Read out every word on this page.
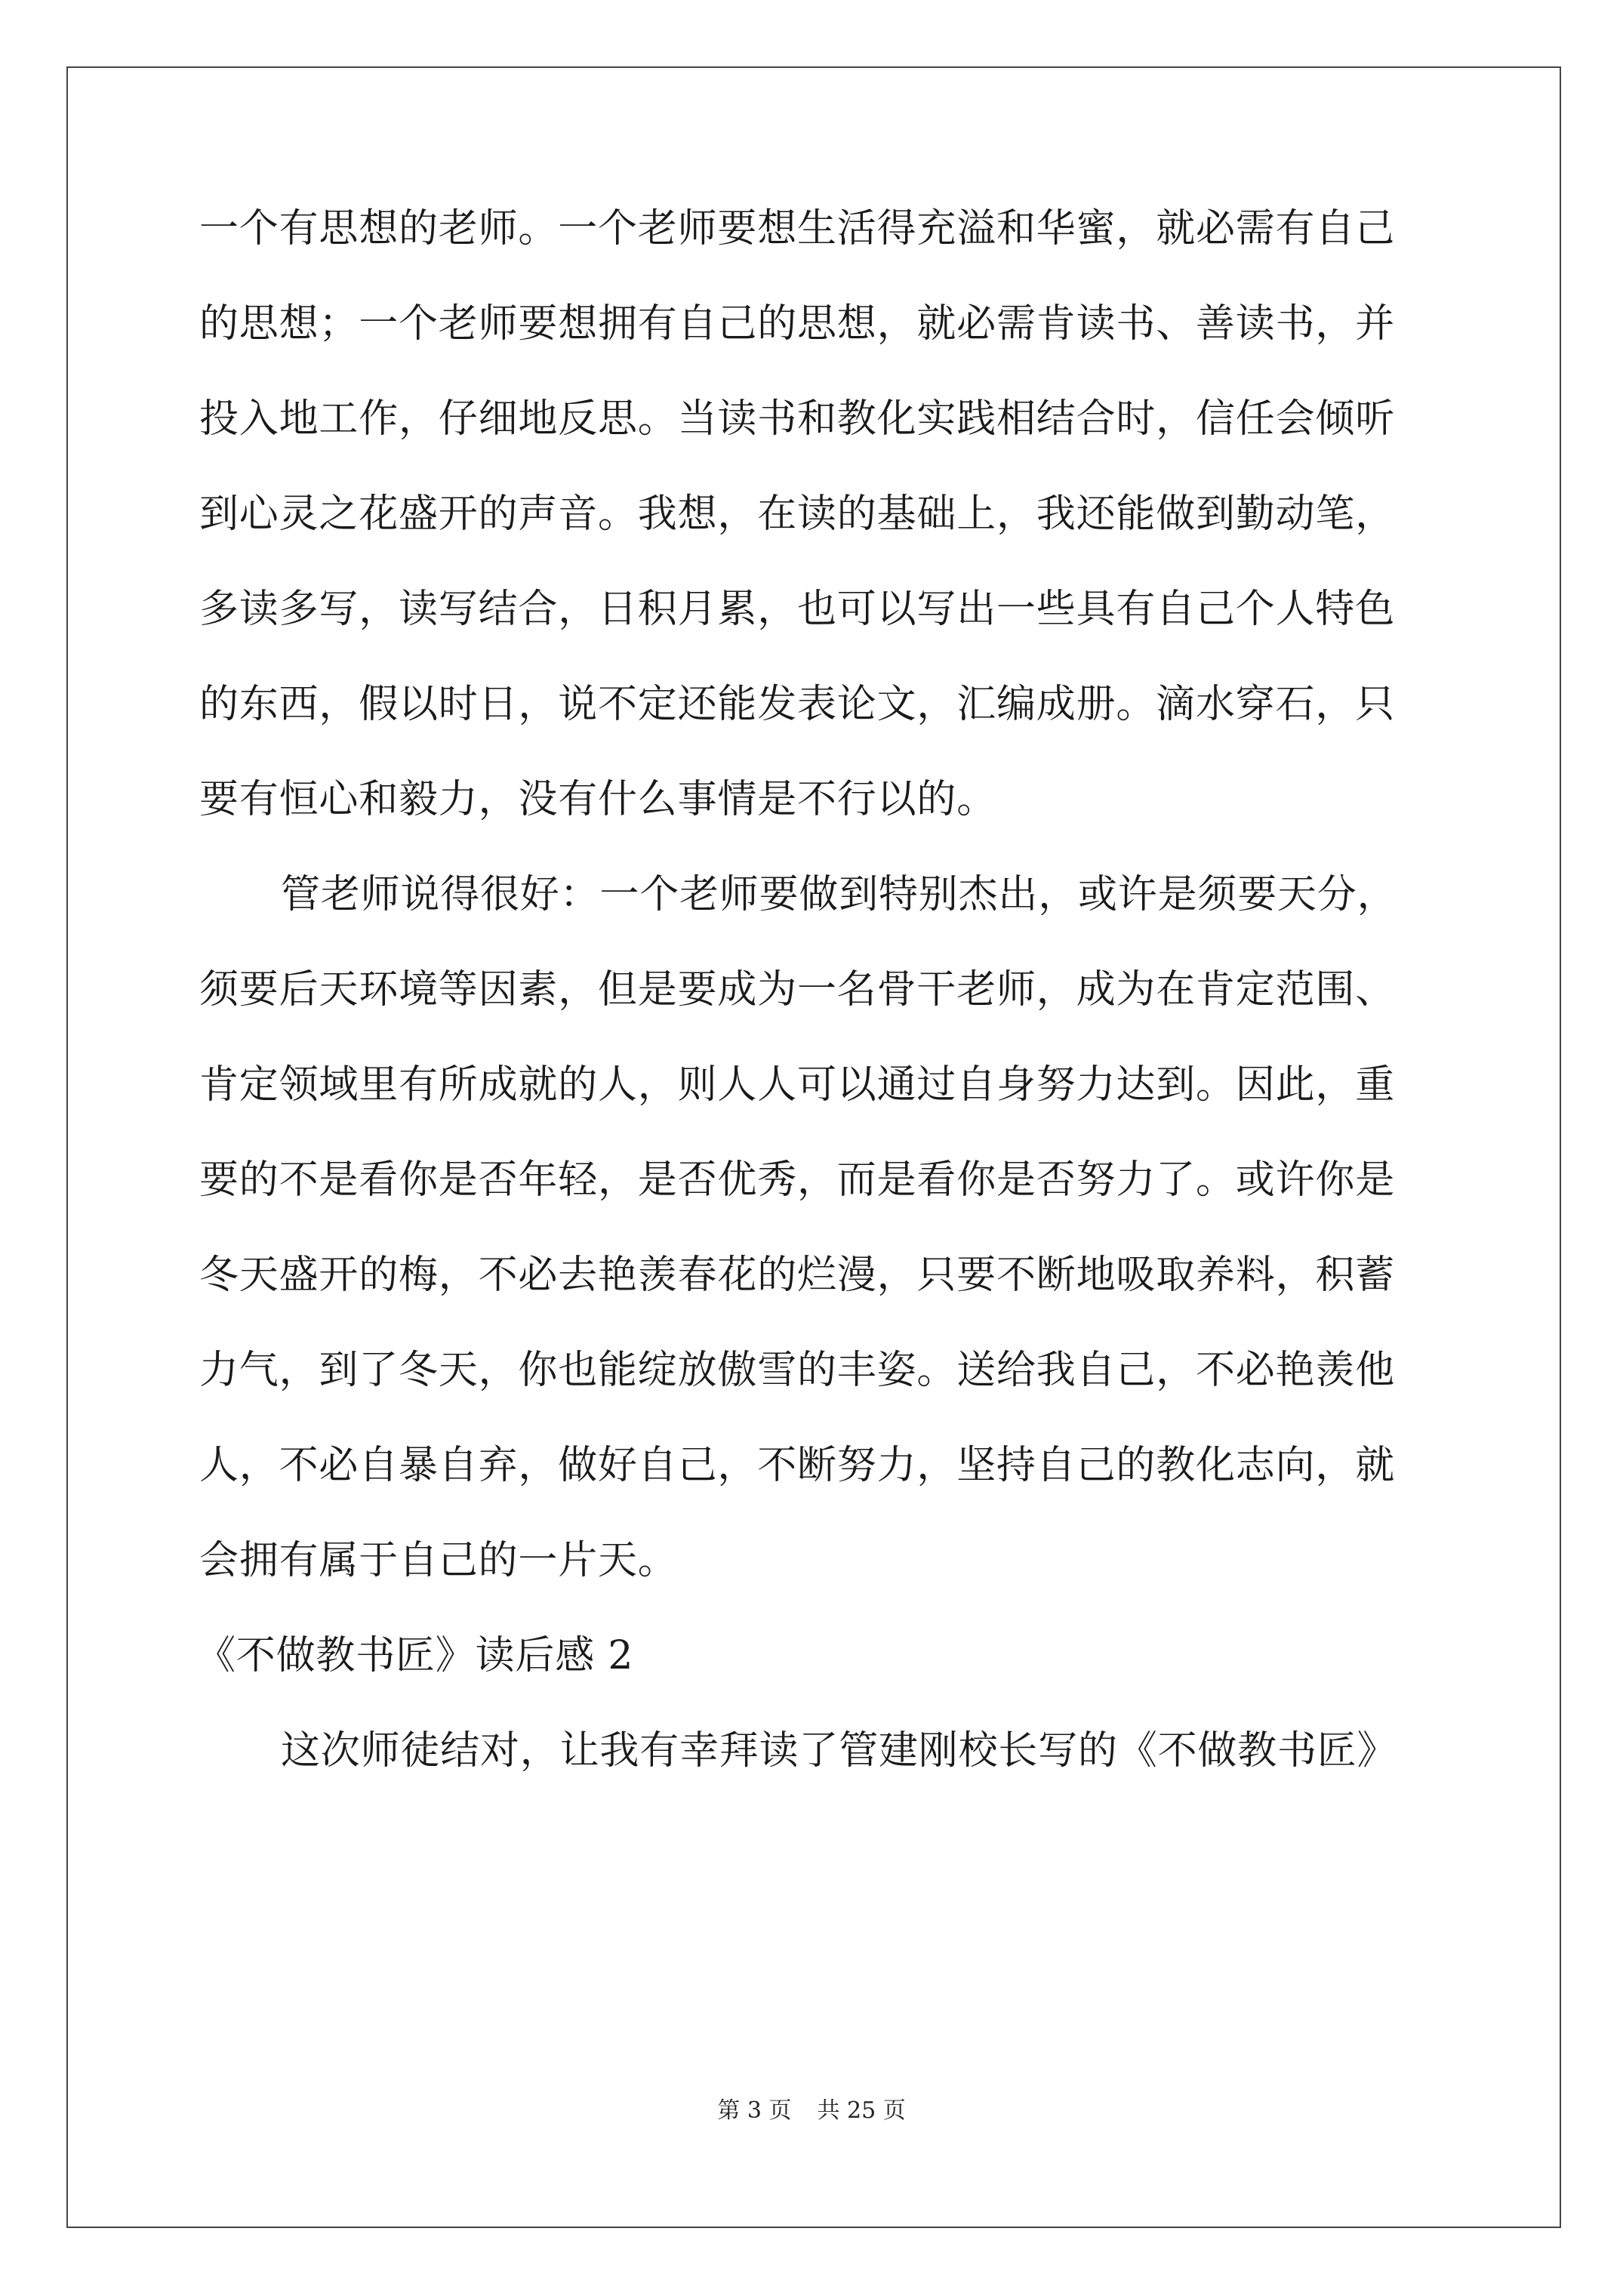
一个有思想的老师。一个老师要想生活得充溢和华蜜，就必需有自己
的思想；一个老师要想拥有自己的思想，就必需肯读书、善读书，并
投入地工作，仔细地反思。当读书和教化实践相结合时，信任会倾听
到心灵之花盛开的声音。我想，在读的基础上，我还能做到勤动笔，
多读多写，读写结合，日积月累，也可以写出一些具有自己个人特色
的东西，假以时日，说不定还能发表论文，汇编成册。滴水穿石，只
要有恒心和毅力，没有什么事情是不行以的。
管老师说得很好：一个老师要做到特别杰出，或许是须要天分，
须要后天环境等因素，但是要成为一名骨干老师，成为在肯定范围、
肯定领域里有所成就的人，则人人可以通过自身努力达到。因此，重
要的不是看你是否年轻，是否优秀，而是看你是否努力了。或许你是
冬天盛开的梅，不必去艳羡春花的烂漫，只要不断地吸取养料，积蓄
力气，到了冬天，你也能绽放傲雪的丰姿。送给我自己，不必艳羡他
人，不必自暴自弃，做好自己，不断努力，坚持自己的教化志向，就
会拥有属于自己的一片天。
《不做教书匠》读后感 2
这次师徒结对，让我有幸拜读了管建刚校长写的《不做教书匠》
第 3 页 共 25 页
